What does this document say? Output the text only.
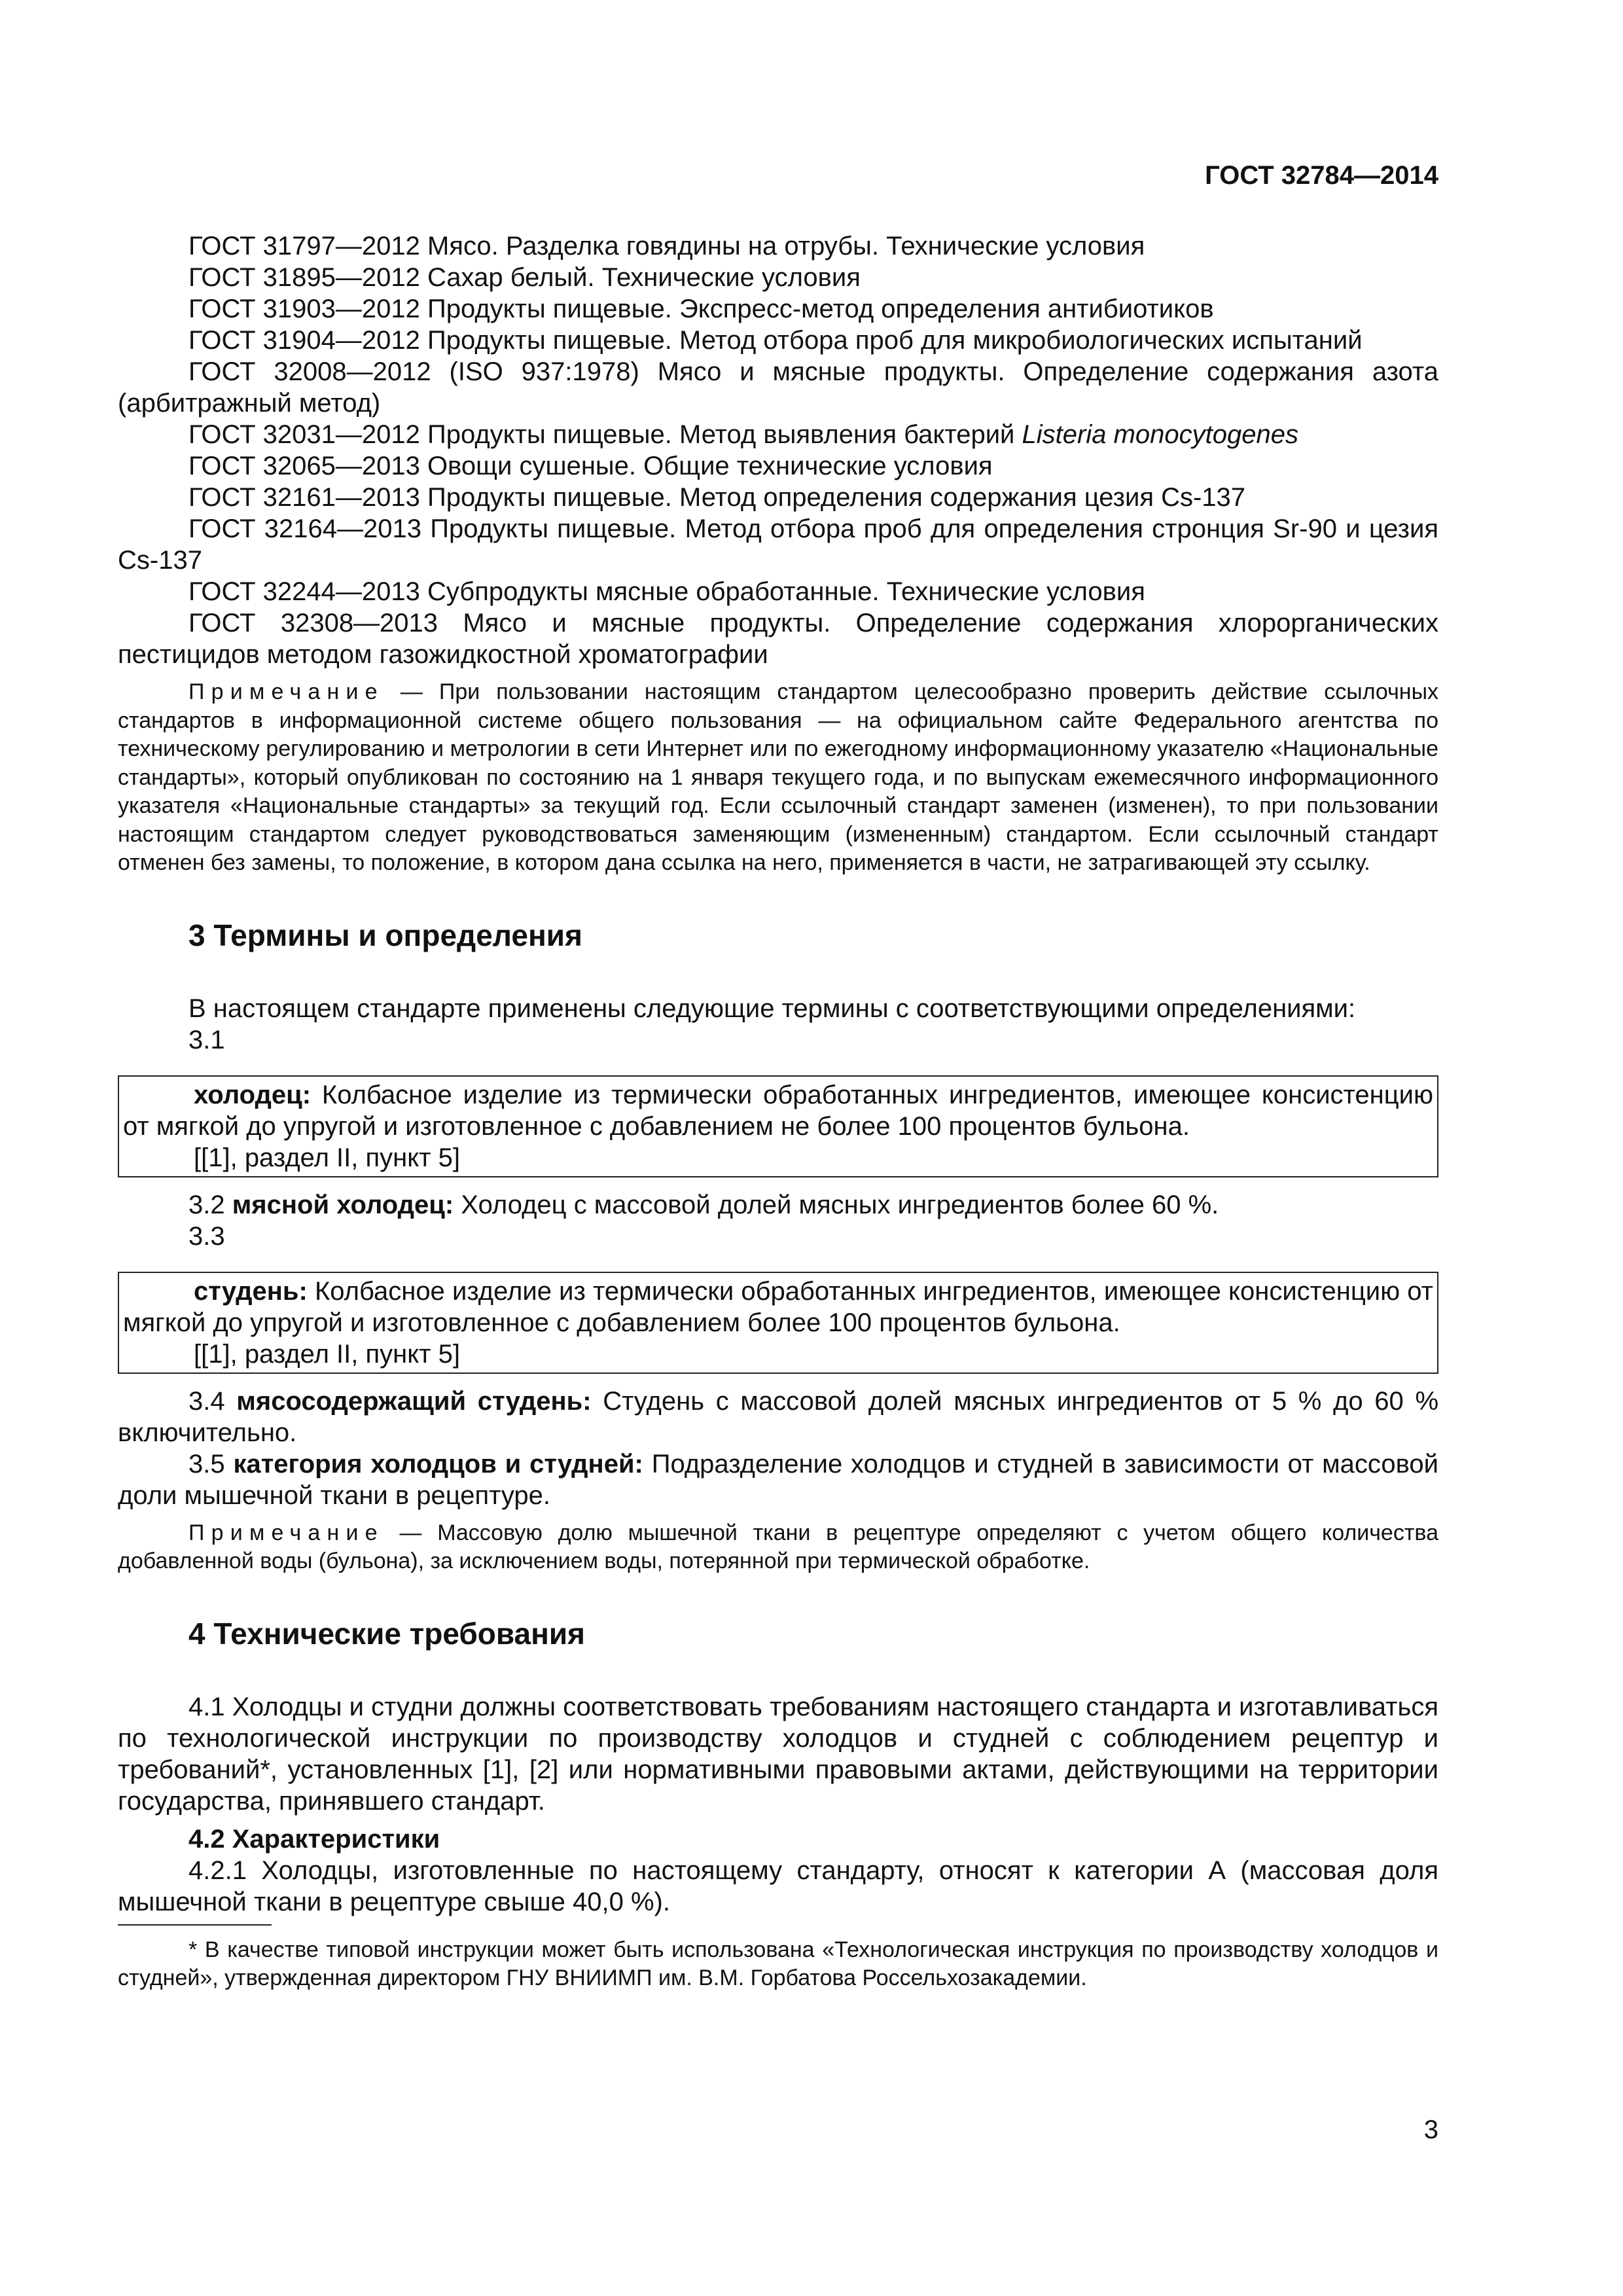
ГОСТ 32784—2014

ГОСТ 31797—2012 Мясо. Разделка говядины на отрубы. Технические условия

ГОСТ 31895—2012 Сахар белый. Технические условия

ГОСТ 31903—2012 Продукты пищевые. Экспресс-метод определения антибиотиков

ГОСТ 31904—2012 Продукты пищевые. Метод отбора проб для микробиологических испытаний

ГОСТ 32008—2012 (ISO 937:1978) Мясо и мясные продукты. Определение содержания азота (арбитражный метод)

ГОСТ 32031—2012 Продукты пищевые. Метод выявления бактерий Listeria monocytogenes

ГОСТ 32065—2013 Овощи сушеные. Общие технические условия

ГОСТ 32161—2013 Продукты пищевые. Метод определения содержания цезия Cs-137

ГОСТ 32164—2013 Продукты пищевые. Метод отбора проб для определения стронция Sr-90 и цезия Cs-137

ГОСТ 32244—2013 Субпродукты мясные обработанные. Технические условия

ГОСТ 32308—2013 Мясо и мясные продукты. Определение содержания хлорорганических пестицидов методом газожидкостной хроматографии

Примечание — При пользовании настоящим стандартом целесообразно проверить действие ссылочных стандартов в информационной системе общего пользования — на официальном сайте Федерального агентства по техническому регулированию и метрологии в сети Интернет или по ежегодному информационному указателю «Национальные стандарты», который опубликован по состоянию на 1 января текущего года, и по выпускам ежемесячного информационного указателя «Национальные стандарты» за текущий год. Если ссылочный стандарт заменен (изменен), то при пользовании настоящим стандартом следует руководствоваться заменяющим (измененным) стандартом. Если ссылочный стандарт отменен без замены, то положение, в котором дана ссылка на него, применяется в части, не затрагивающей эту ссылку.

3 Термины и определения

В настоящем стандарте применены следующие термины с соответствующими определениями:

3.1

холодец: Колбасное изделие из термически обработанных ингредиентов, имеющее консистенцию от мягкой до упругой и изготовленное с добавлением не более 100 процентов бульона.

[[1], раздел II, пункт 5]

3.2 мясной холодец: Холодец с массовой долей мясных ингредиентов более 60 %.

3.3

студень: Колбасное изделие из термически обработанных ингредиентов, имеющее консистенцию от мягкой до упругой и изготовленное с добавлением более 100 процентов бульона.

[[1], раздел II, пункт 5]

3.4 мясосодержащий студень: Студень с массовой долей мясных ингредиентов от 5 % до 60 % включительно.

3.5 категория холодцов и студней: Подразделение холодцов и студней в зависимости от массовой доли мышечной ткани в рецептуре.

Примечание — Массовую долю мышечной ткани в рецептуре определяют с учетом общего количества добавленной воды (бульона), за исключением воды, потерянной при термической обработке.

4 Технические требования

4.1 Холодцы и студни должны соответствовать требованиям настоящего стандарта и изготавливаться по технологической инструкции по производству холодцов и студней с соблюдением рецептур и требований*, установленных [1], [2] или нормативными правовыми актами, действующими на территории государства, принявшего стандарт.

4.2 Характеристики

4.2.1 Холодцы, изготовленные по настоящему стандарту, относят к категории А (массовая доля мышечной ткани в рецептуре свыше 40,0 %).

* В качестве типовой инструкции может быть использована «Технологическая инструкция по производству холодцов и студней», утвержденная директором ГНУ ВНИИМП им. В.М. Горбатова Россельхозакадемии.

3
